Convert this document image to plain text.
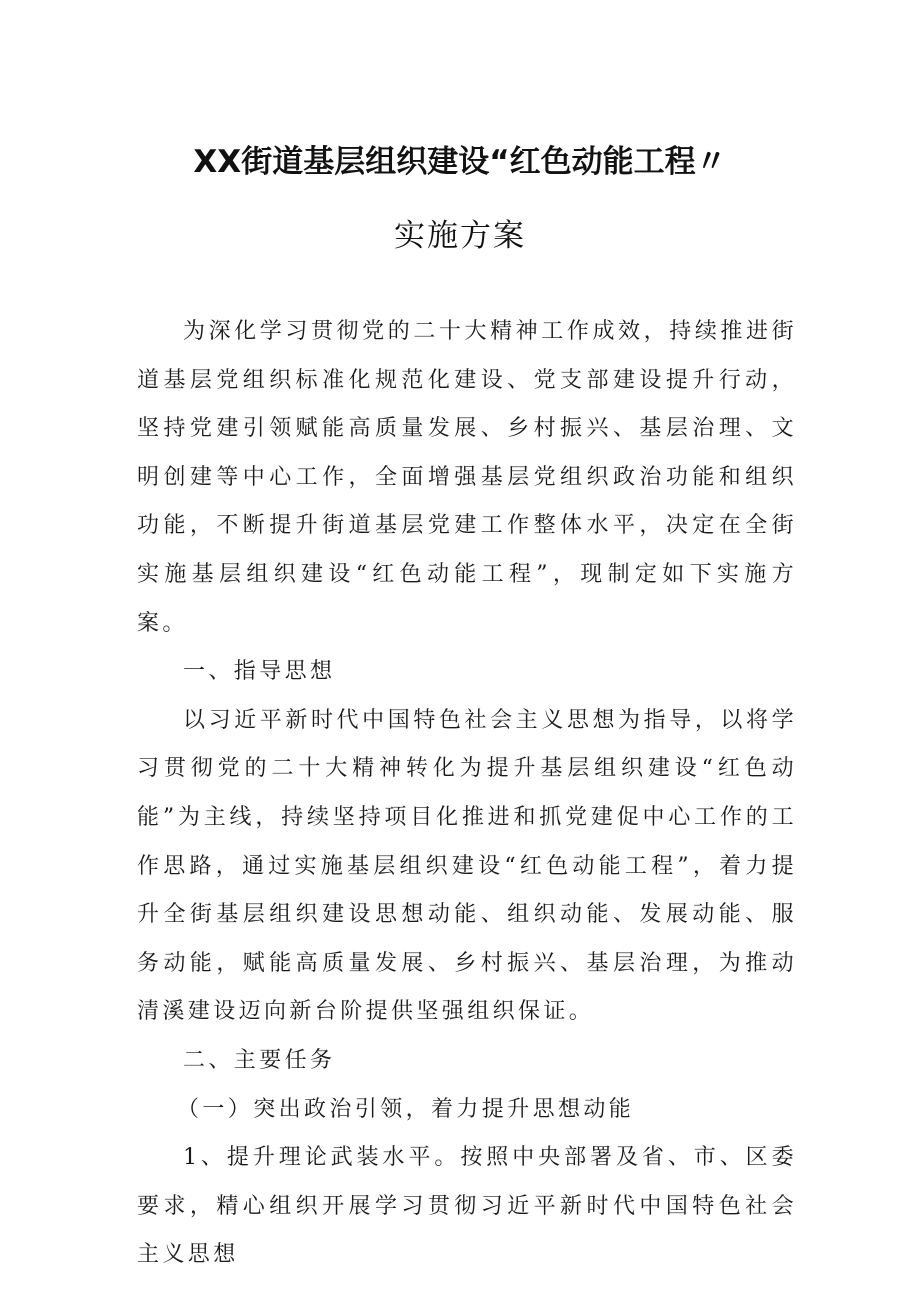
XX街道基层组织建设“红色动能工程〃
实施方案

为深化学习贯彻党的二十大精神工作成效，持续推进街道基层党组织标准化规范化建设、党支部建设提升行动，坚持党建引领赋能高质量发展、乡村振兴、基层治理、文明创建等中心工作，全面增强基层党组织政治功能和组织功能，不断提升街道基层党建工作整体水平，决定在全街实施基层组织建设“红色动能工程”，现制定如下实施方案。

一、指导思想

以习近平新时代中国特色社会主义思想为指导，以将学习贯彻党的二十大精神转化为提升基层组织建设“红色动能”为主线，持续坚持项目化推进和抓党建促中心工作的工作思路，通过实施基层组织建设“红色动能工程”，着力提升全街基层组织建设思想动能、组织动能、发展动能、服务动能，赋能高质量发展、乡村振兴、基层治理，为推动清溪建设迈向新台阶提供坚强组织保证。

二、主要任务

（一）突出政治引领，着力提升思想动能

1、提升理论武装水平。按照中央部署及省、市、区委要求，精心组织开展学习贯彻习近平新时代中国特色社会主义思想
